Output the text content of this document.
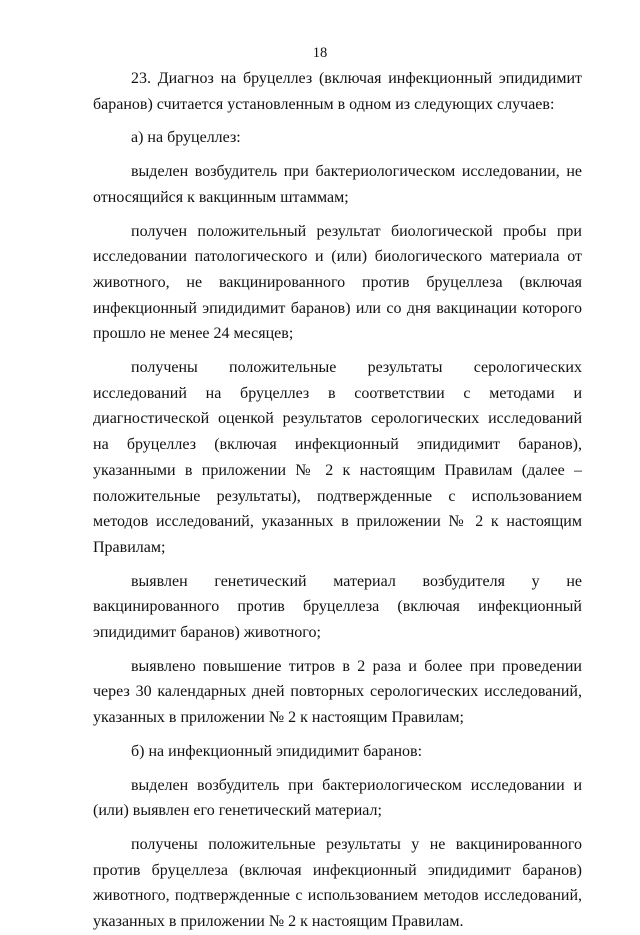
18

23. Диагноз на бруцеллез (включая инфекционный эпидидимит баранов) считается установленным в одном из следующих случаев:

а) на бруцеллез:

выделен возбудитель при бактериологическом исследовании, не относящийся к вакцинным штаммам;

получен положительный результат биологической пробы при исследовании патологического и (или) биологического материала от животного, не вакцинированного против бруцеллеза (включая инфекционный эпидидимит баранов) или со дня вакцинации которого прошло не менее 24 месяцев;

получены положительные результаты серологических исследований на бруцеллез в соответствии с методами и диагностической оценкой результатов серологических исследований на бруцеллез (включая инфекционный эпидидимит баранов), указанными в приложении № 2 к настоящим Правилам (далее – положительные результаты), подтвержденные с использованием методов исследований, указанных в приложении № 2 к настоящим Правилам;

выявлен генетический материал возбудителя у не вакцинированного против бруцеллеза (включая инфекционный эпидидимит баранов) животного;

выявлено повышение титров в 2 раза и более при проведении через 30 календарных дней повторных серологических исследований, указанных в приложении № 2 к настоящим Правилам;

б) на инфекционный эпидидимит баранов:

выделен возбудитель при бактериологическом исследовании и (или) выявлен его генетический материал;

получены положительные результаты у не вакцинированного против бруцеллеза (включая инфекционный эпидидимит баранов) животного, подтвержденные с использованием методов исследований, указанных в приложении № 2 к настоящим Правилам.
